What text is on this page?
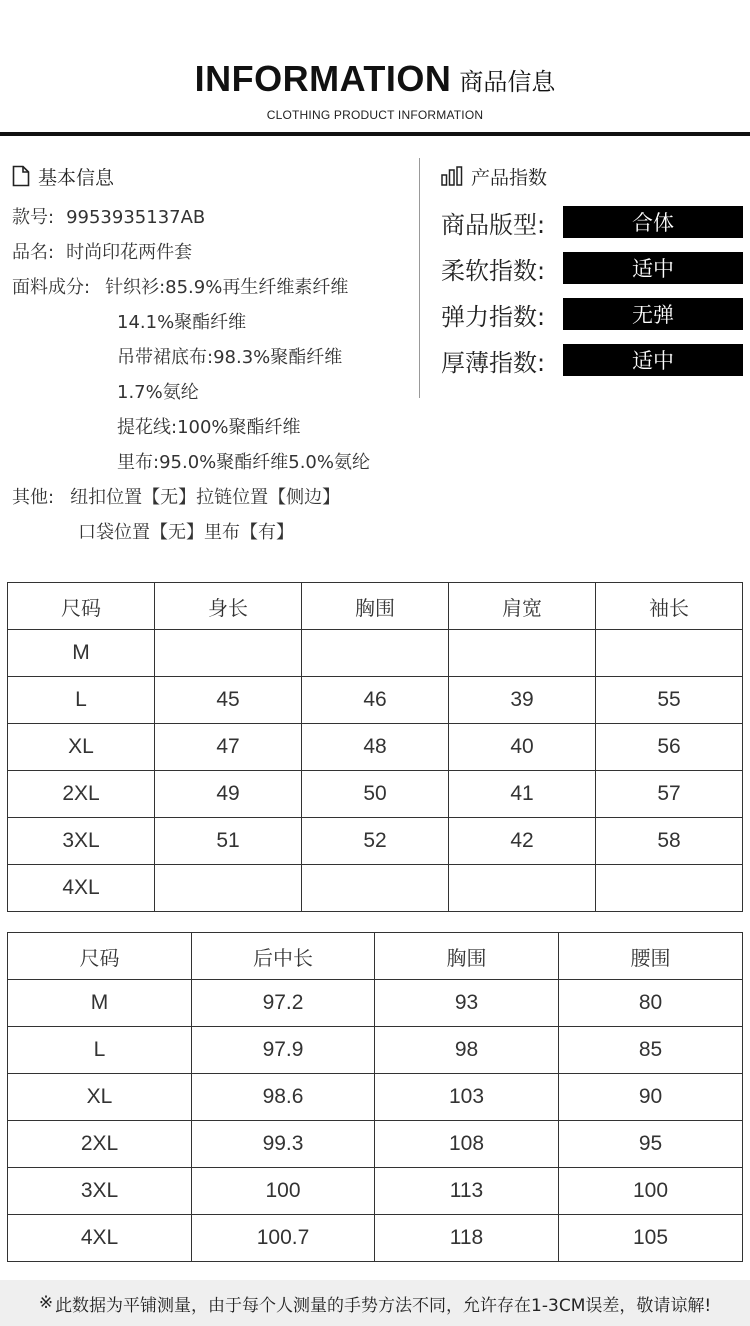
INFORMATION 商品信息
CLOTHING PRODUCT INFORMATION
基本信息
款号: 9953935137AB
品名: 时尚印花两件套
面料成分: 针织衫:85.9%再生纤维素纤维
14.1%聚酯纤维
吊带裙底布:98.3%聚酯纤维
1.7%氨纶
提花线:100%聚酯纤维
里布:95.0%聚酯纤维5.0%氨纶
其他: 纽扣位置【无】拉链位置【侧边】
口袋位置【无】里布【有】
产品指数
商品版型:	合体
柔软指数:	适中
弹力指数:	无弹
厚薄指数:	适中
尺码	身长	胸围	肩宽	袖长
M				
L	45	46	39	55
XL	47	48	40	56
2XL	49	50	41	57
3XL	51	52	42	58
4XL				
尺码	后中长	胸围	腰围
M	97.2	93	80
L	97.9	98	85
XL	98.6	103	90
2XL	99.3	108	95
3XL	100	113	100
4XL	100.7	118	105
※ 此数据为平铺测量，由于每个人测量的手势方法不同，允许存在1-3CM误差，敬请谅解!
